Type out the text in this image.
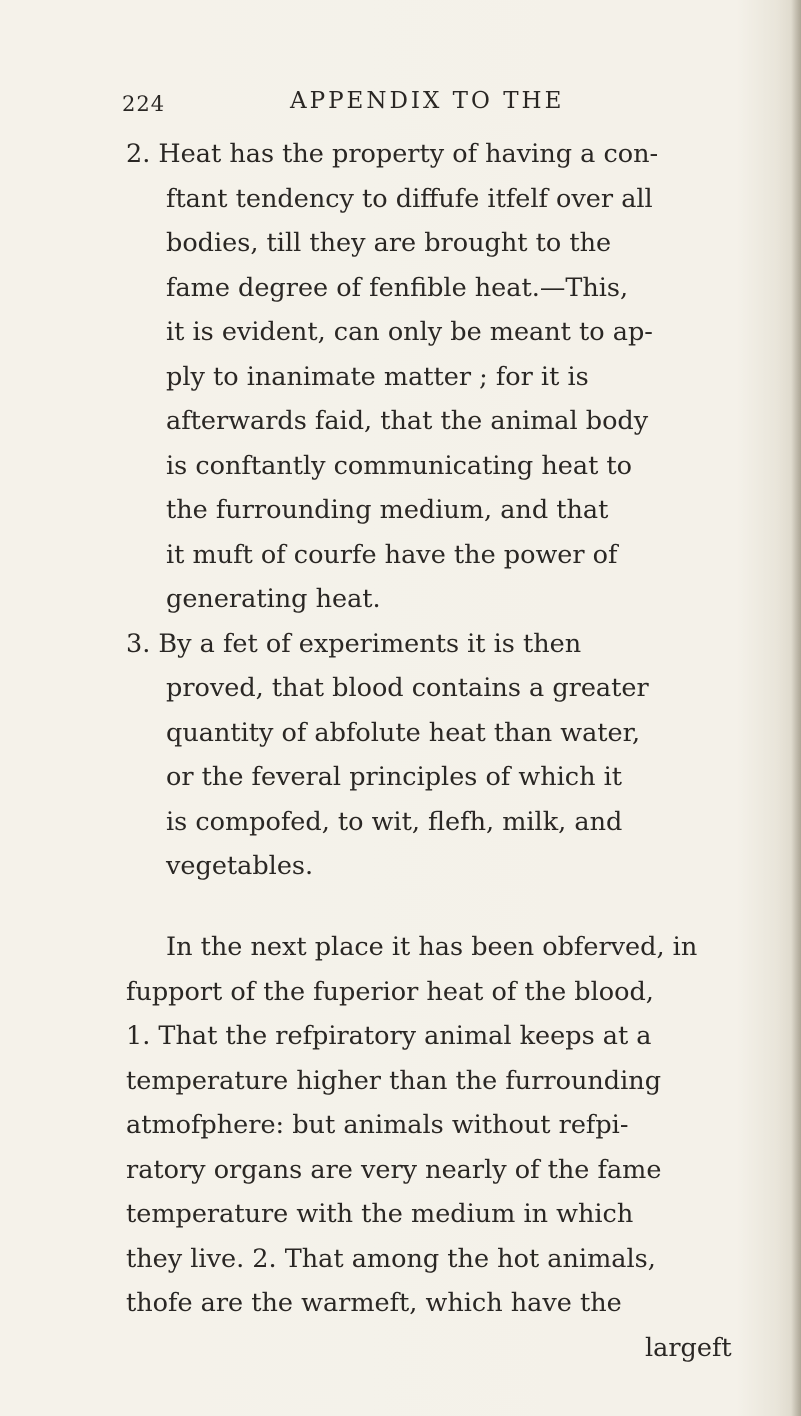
224	APPENDIX TO THE
2. Heat has the property of having a con-
ftant tendency to diffufe itfelf over all
bodies, till they are brought to the
fame degree of fenfible heat.—This,
it is evident, can only be meant to ap-
ply to inanimate matter ; for it is
afterwards faid, that the animal body
is conftantly communicating heat to
the furrounding medium, and that
it muft of courfe have the power of
generating heat.
3. By a fet of experiments it is then
proved, that blood contains a greater
quantity of abfolute heat than water,
or the feveral principles of which it
is compofed, to wit, flefh, milk, and
vegetables.
In the next place it has been obferved, in
fupport of the fuperior heat of the blood,
1. That the refpiratory animal keeps at a
temperature higher than the furrounding
atmofphere: but animals without refpi-
ratory organs are very nearly of the fame
temperature with the medium in which
they live. 2. That among the hot animals,
thofe are the warmeft, which have the
largeft
